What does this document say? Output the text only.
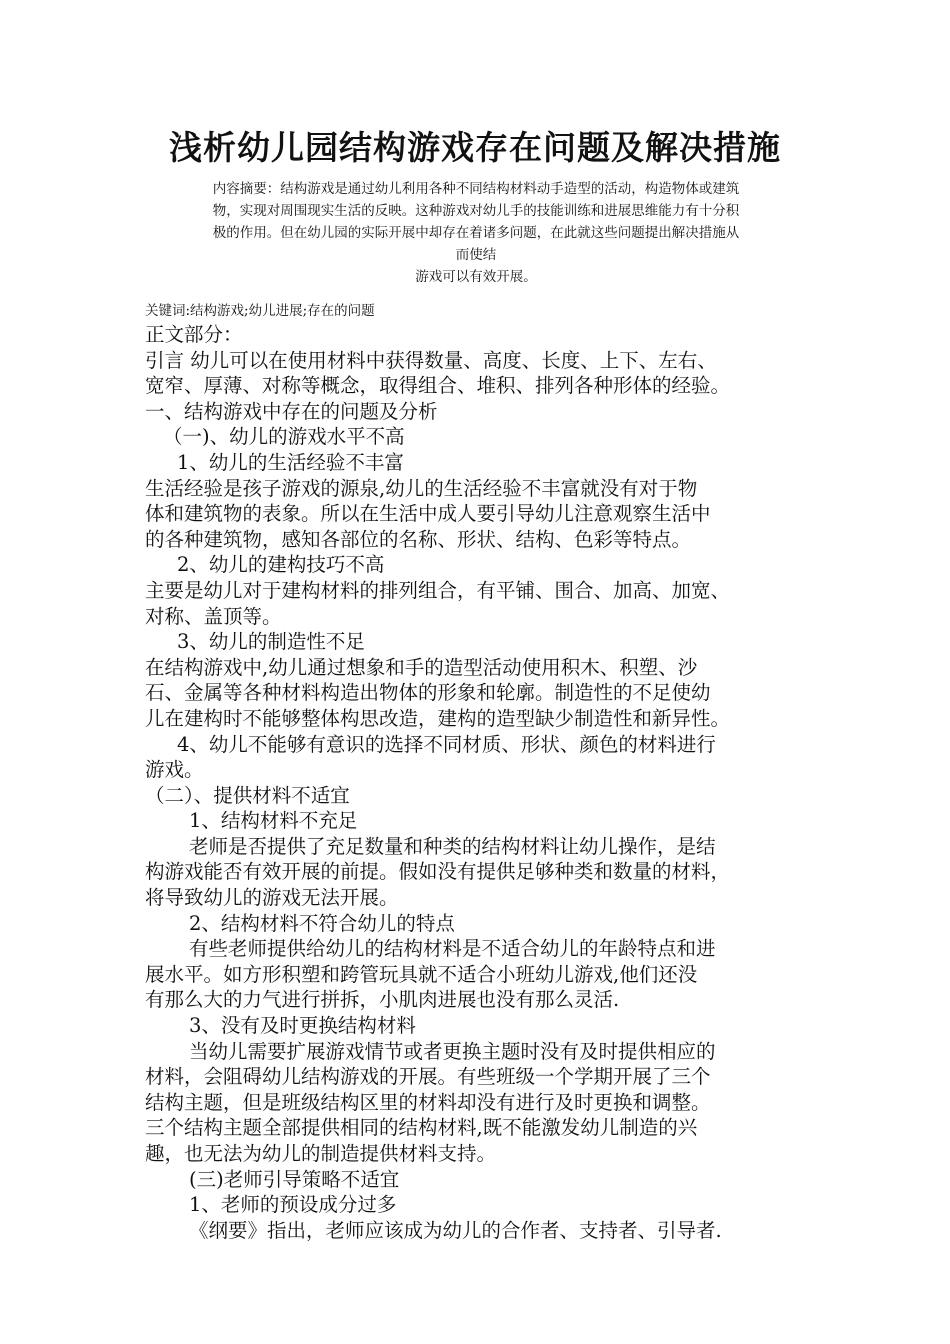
浅析幼儿园结构游戏存在问题及解决措施
内容摘要：结构游戏是通过幼儿利用各种不同结构材料动手造型的活动，构造物体或建筑
物，实现对周围现实生活的反映。这种游戏对幼儿手的技能训练和进展思维能力有十分积
极的作用。但在幼儿园的实际开展中却存在着诸多问题，在此就这些问题提出解决措施从
而使结
游戏可以有效开展。
关键词:结构游戏;幼儿进展;存在的问题
正文部分：
引言 幼儿可以在使用材料中获得数量、高度、长度、上下、左右、
宽窄、厚薄、对称等概念，取得组合、堆积、排列各种形体的经验。
一、结构游戏中存在的问题及分析
（一)、幼儿的游戏水平不高
1、幼儿的生活经验不丰富
生活经验是孩子游戏的源泉,幼儿的生活经验不丰富就没有对于物
体和建筑物的表象。所以在生活中成人要引导幼儿注意观察生活中
的各种建筑物，感知各部位的名称、形状、结构、色彩等特点。
2、幼儿的建构技巧不高
主要是幼儿对于建构材料的排列组合，有平铺、围合、加高、加宽、
对称、盖顶等。
3、幼儿的制造性不足
在结构游戏中,幼儿通过想象和手的造型活动使用积木、积塑、沙
石、金属等各种材料构造出物体的形象和轮廓。制造性的不足使幼
儿在建构时不能够整体构思改造，建构的造型缺少制造性和新异性。
4、幼儿不能够有意识的选择不同材质、形状、颜色的材料进行
游戏。
（二）、提供材料不适宜
1、结构材料不充足
老师是否提供了充足数量和种类的结构材料让幼儿操作，是结
构游戏能否有效开展的前提。假如没有提供足够种类和数量的材料，
将导致幼儿的游戏无法开展。
2、结构材料不符合幼儿的特点
有些老师提供给幼儿的结构材料是不适合幼儿的年龄特点和进
展水平。如方形积塑和跨管玩具就不适合小班幼儿游戏,他们还没
有那么大的力气进行拼拆，小肌肉进展也没有那么灵活.
3、没有及时更换结构材料
当幼儿需要扩展游戏情节或者更换主题时没有及时提供相应的
材料，会阻碍幼儿结构游戏的开展。有些班级一个学期开展了三个
结构主题，但是班级结构区里的材料却没有进行及时更换和调整。
三个结构主题全部提供相同的结构材料,既不能激发幼儿制造的兴
趣，也无法为幼儿的制造提供材料支持。
(三)老师引导策略不适宜
1、老师的预设成分过多
《纲要》指出，老师应该成为幼儿的合作者、支持者、引导者.
